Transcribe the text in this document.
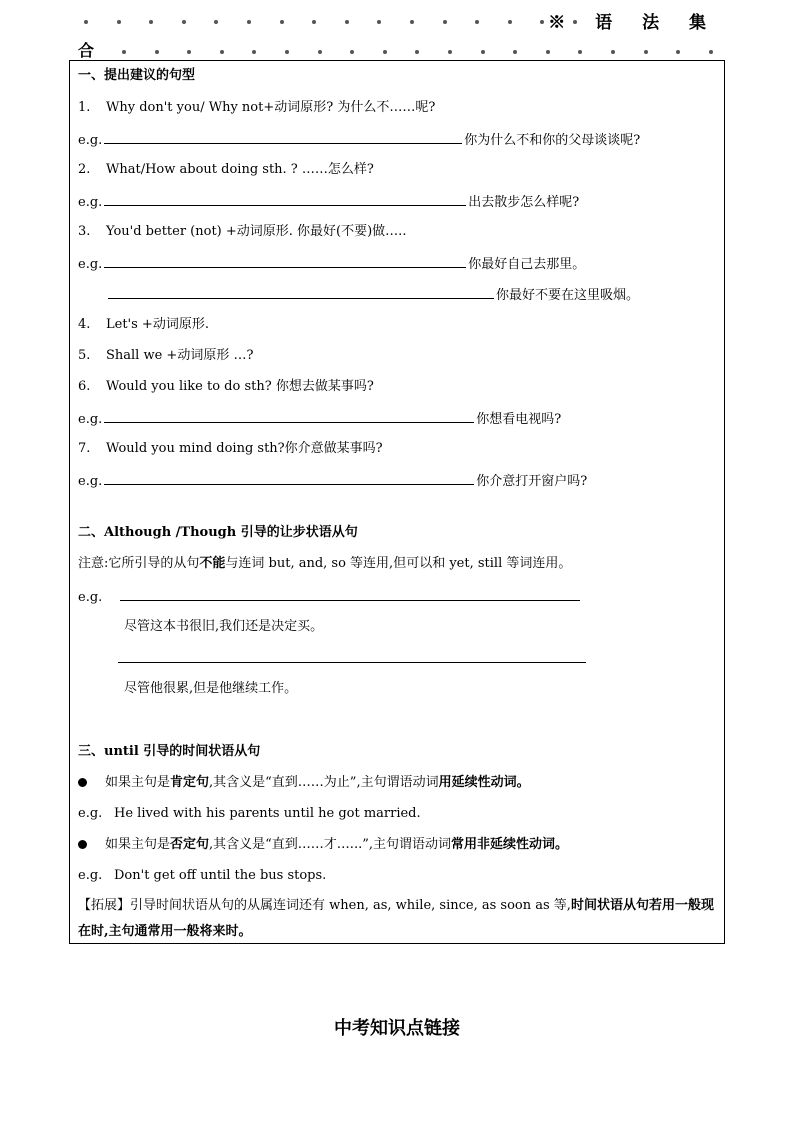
※ 语 法 集
合
一、提出建议的句型
1. Why don't you/ Why not+动词原形? 为什么不……呢?
e.g.	你为什么不和你的父母谈谈呢?
2. What/How about doing sth. ? ……怎么样?
e.g.	出去散步怎么样呢?
3. You'd better (not) +动词原形. 你最好(不要)做…..
e.g.	你最好自己去那里。
你最好不要在这里吸烟。
4. Let's +动词原形.
5. Shall we +动词原形 …?
6. Would you like to do sth? 你想去做某事吗?
e.g.	你想看电视吗?
7. Would you mind doing sth?你介意做某事吗?
e.g.	你介意打开窗户吗?
二、Although /Though 引导的让步状语从句
注意:它所引导的从句不能与连词 but, and, so 等连用,但可以和 yet, still 等词连用。
e.g.
尽管这本书很旧,我们还是决定买。
尽管他很累,但是他继续工作。
三、until 引导的时间状语从句
如果主句是肯定句,其含义是“直到……为止”,主句谓语动词用延续性动词。
e.g. He lived with his parents until he got married.
如果主句是否定句,其含义是“直到……才…...”,主句谓语动词常用非延续性动词。
e.g. Don't get off until the bus stops.
【拓展】引导时间状语从句的从属连词还有 when, as, while, since, as soon as 等,时间状语从句若用一般现在时,主句通常用一般将来时。
中考知识点链接
